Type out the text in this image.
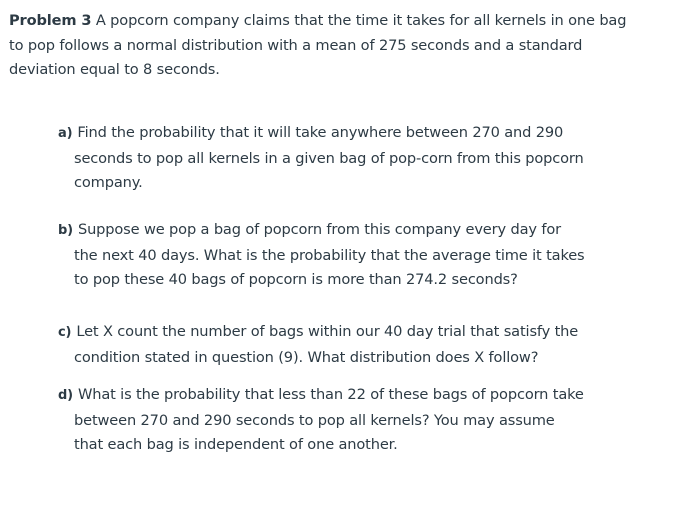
Problem 3 A popcorn company claims that the time it takes for all kernels in one bag
to pop follows a normal distribution with a mean of 275 seconds and a standard
deviation equal to 8 seconds.
a) Find the probability that it will take anywhere between 270 and 290
seconds to pop all kernels in a given bag of pop-corn from this popcorn
company.
b) Suppose we pop a bag of popcorn from this company every day for
the next 40 days. What is the probability that the average time it takes
to pop these 40 bags of popcorn is more than 274.2 seconds?
c) Let X count the number of bags within our 40 day trial that satisfy the
condition stated in question (9). What distribution does X follow?
d) What is the probability that less than 22 of these bags of popcorn take
between 270 and 290 seconds to pop all kernels? You may assume
that each bag is independent of one another.
